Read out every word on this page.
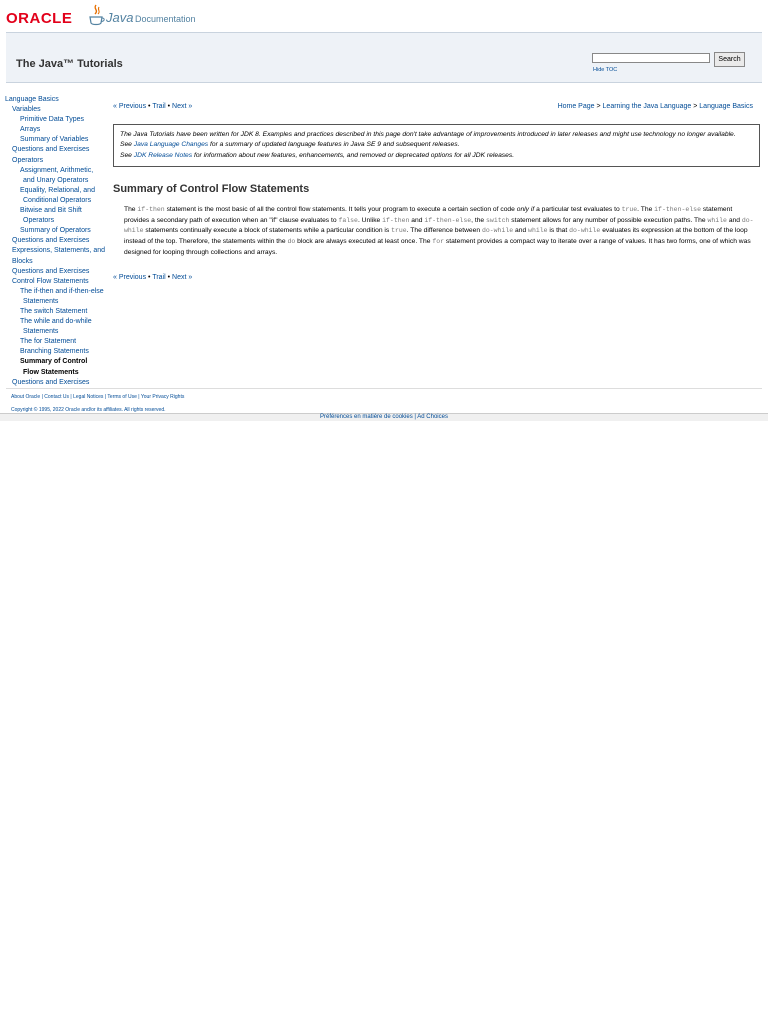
ORACLE	Java Documentation
The Java™ Tutorials	Search
Hide TOC
Language Basics
Variables
Primitive Data Types
Arrays
Summary of Variables
Questions and Exercises
Operators
Assignment, Arithmetic, and Unary Operators
Equality, Relational, and Conditional Operators
Bitwise and Bit Shift Operators
Summary of Operators
Questions and Exercises
Expressions, Statements, and Blocks
Questions and Exercises
Control Flow Statements
The if-then and if-then-else Statements
The switch Statement
The while and do-while Statements
The for Statement
Branching Statements
Summary of Control Flow Statements
Questions and Exercises
« Previous • Trail • Next »	Home Page > Learning the Java Language > Language Basics
The Java Tutorials have been written for JDK 8. Examples and practices described in this page don't take advantage of improvements introduced in later releases and might use technology no longer available.
See Java Language Changes for a summary of updated language features in Java SE 9 and subsequent releases.
See JDK Release Notes for information about new features, enhancements, and removed or deprecated options for all JDK releases.
Summary of Control Flow Statements
The if-then statement is the most basic of all the control flow statements. It tells your program to execute a certain section of code only if a particular test evaluates to true. The if-then-else statement provides a secondary path of execution when an "if" clause evaluates to false. Unlike if-then and if-then-else, the switch statement allows for any number of possible execution paths. The while and do-while statements continually execute a block of statements while a particular condition is true. The difference between do-while and while is that do-while evaluates its expression at the bottom of the loop instead of the top. Therefore, the statements within the do block are always executed at least once. The for statement provides a compact way to iterate over a range of values. It has two forms, one of which was designed for looping through collections and arrays.
« Previous • Trail • Next »
About Oracle | Contact Us | Legal Notices | Terms of Use | Your Privacy Rights
Copyright © 1995, 2022 Oracle and/or its affiliates. All rights reserved.
Préférences en matière de cookies | Ad Choices
